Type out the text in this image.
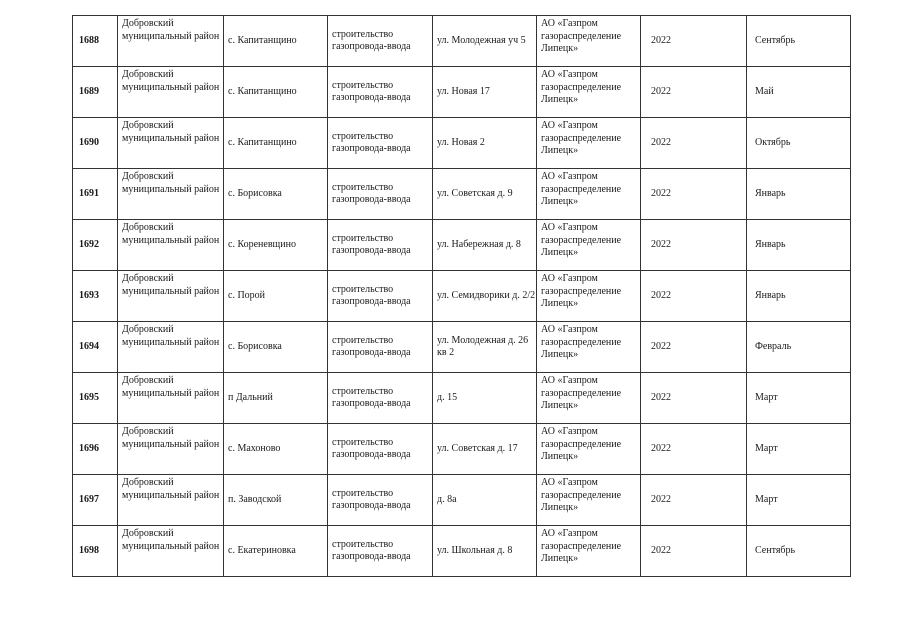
1688	Добровский муниципальный район	с. Капитанщино	строительство газопровода-ввода	ул. Молодежная уч 5	АО «Газпром газораспределение Липецк»	2022	Сентябрь
1689	Добровский муниципальный район	с. Капитанщино	строительство газопровода-ввода	ул. Новая 17	АО «Газпром газораспределение Липецк»	2022	Май
1690	Добровский муниципальный район	с. Капитанщино	строительство газопровода-ввода	ул. Новая 2	АО «Газпром газораспределение Липецк»	2022	Октябрь
1691	Добровский муниципальный район	с. Борисовка	строительство газопровода-ввода	ул. Советская д. 9	АО «Газпром газораспределение Липецк»	2022	Январь
1692	Добровский муниципальный район	с. Кореневщино	строительство газопровода-ввода	ул. Набережная д. 8	АО «Газпром газораспределение Липецк»	2022	Январь
1693	Добровский муниципальный район	с. Порой	строительство газопровода-ввода	ул. Семидворики д. 2/2	АО «Газпром газораспределение Липецк»	2022	Январь
1694	Добровский муниципальный район	с. Борисовка	строительство газопровода-ввода	ул. Молодежная д. 26 кв 2	АО «Газпром газораспределение Липецк»	2022	Февраль
1695	Добровский муниципальный район	п Дальний	строительство газопровода-ввода	д. 15	АО «Газпром газораспределение Липецк»	2022	Март
1696	Добровский муниципальный район	с. Махоново	строительство газопровода-ввода	ул. Советская д. 17	АО «Газпром газораспределение Липецк»	2022	Март
1697	Добровский муниципальный район	п. Заводской	строительство газопровода-ввода	д. 8а	АО «Газпром газораспределение Липецк»	2022	Март
1698	Добровский муниципальный район	с. Екатериновка	строительство газопровода-ввода	ул. Школьная д. 8	АО «Газпром газораспределение Липецк»	2022	Сентябрь
